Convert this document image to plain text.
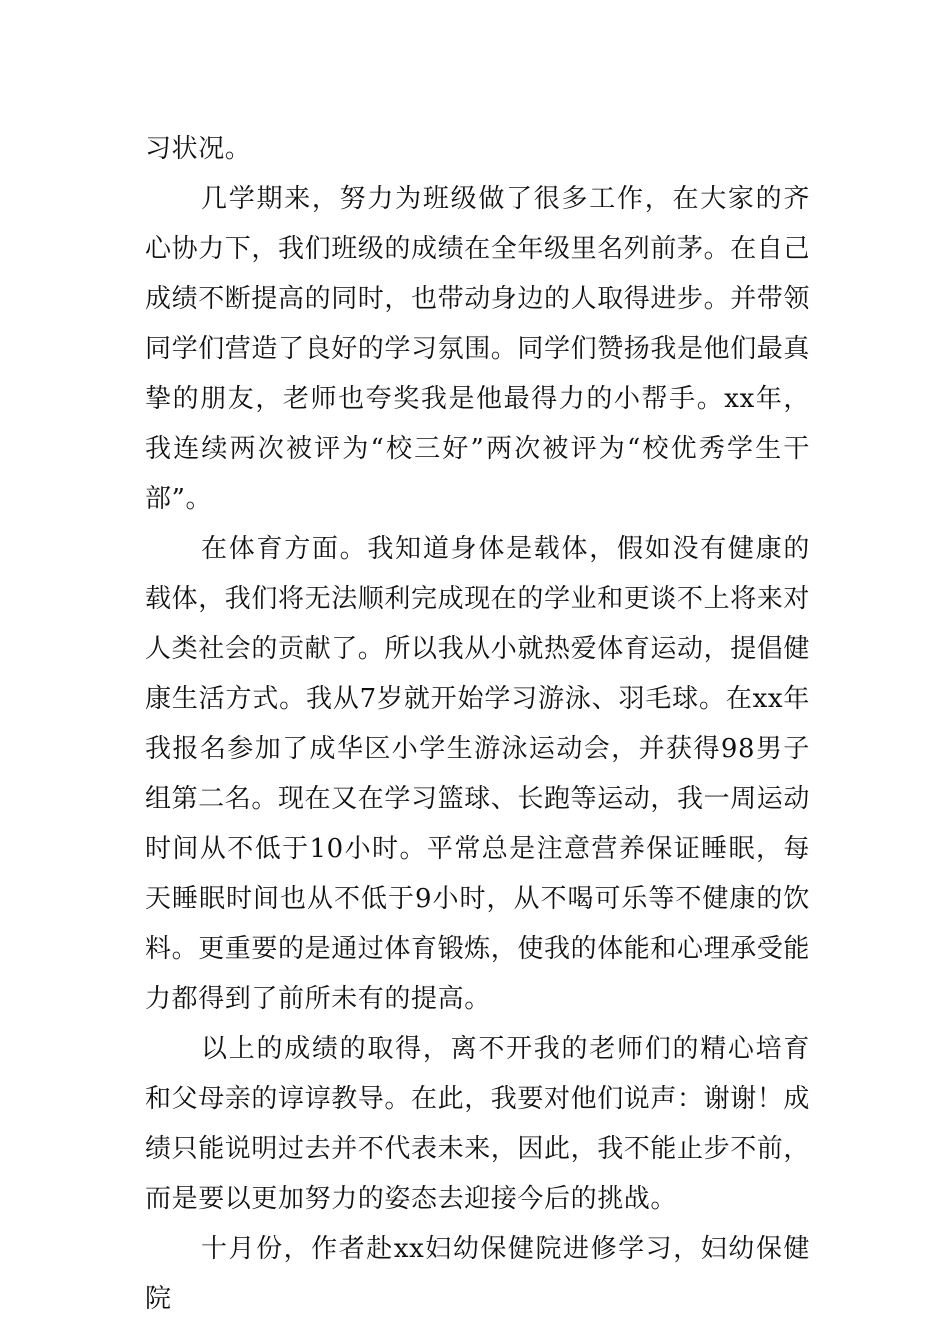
习状况。

几学期来，努力为班级做了很多工作，在大家的齐心协力下，我们班级的成绩在全年级里名列前茅。在自己成绩不断提高的同时，也带动身边的人取得进步。并带领同学们营造了良好的学习氛围。同学们赞扬我是他们最真挚的朋友，老师也夸奖我是他最得力的小帮手。xx年，我连续两次被评为“校三好”两次被评为“校优秀学生干部”。

在体育方面。我知道身体是载体，假如没有健康的载体，我们将无法顺利完成现在的学业和更谈不上将来对人类社会的贡献了。所以我从小就热爱体育运动，提倡健康生活方式。我从7岁就开始学习游泳、羽毛球。在xx年我报名参加了成华区小学生游泳运动会，并获得98男子组第二名。现在又在学习篮球、长跑等运动，我一周运动时间从不低于10小时。平常总是注意营养保证睡眠，每天睡眠时间也从不低于9小时，从不喝可乐等不健康的饮料。更重要的是通过体育锻炼，使我的体能和心理承受能力都得到了前所未有的提高。

以上的成绩的取得，离不开我的老师们的精心培育和父母亲的谆谆教导。在此，我要对他们说声：谢谢！成绩只能说明过去并不代表未来，因此，我不能止步不前，而是要以更加努力的姿态去迎接今后的挑战。

十月份，作者赴xx妇幼保健院进修学习，妇幼保健院
